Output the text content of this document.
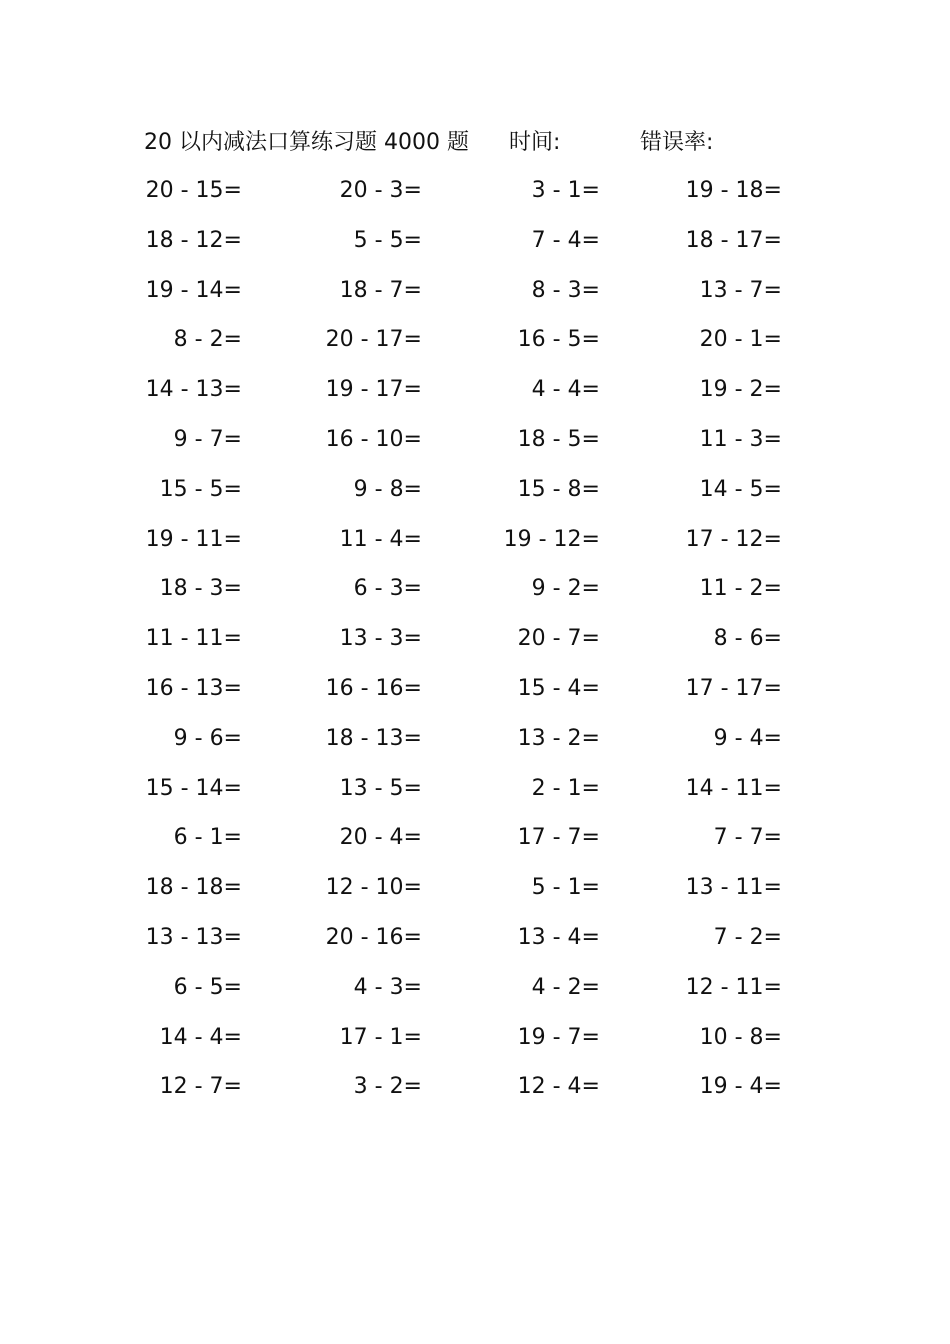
20 以内减法口算练习题 4000 题 时间:	错误率:
20 - 15=	20 - 3=	3 - 1=	19 - 18=
18 - 12=	5 - 5=	7 - 4=	18 - 17=
19 - 14=	18 - 7=	8 - 3=	13 - 7=
8 - 2=	20 - 17=	16 - 5=	20 - 1=
14 - 13=	19 - 17=	4 - 4=	19 - 2=
9 - 7=	16 - 10=	18 - 5=	11 - 3=
15 - 5=	9 - 8=	15 - 8=	14 - 5=
19 - 11=	11 - 4=	19 - 12=	17 - 12=
18 - 3=	6 - 3=	9 - 2=	11 - 2=
11 - 11=	13 - 3=	20 - 7=	8 - 6=
16 - 13=	16 - 16=	15 - 4=	17 - 17=
9 - 6=	18 - 13=	13 - 2=	9 - 4=
15 - 14=	13 - 5=	2 - 1=	14 - 11=
6 - 1=	20 - 4=	17 - 7=	7 - 7=
18 - 18=	12 - 10=	5 - 1=	13 - 11=
13 - 13=	20 - 16=	13 - 4=	7 - 2=
6 - 5=	4 - 3=	4 - 2=	12 - 11=
14 - 4=	17 - 1=	19 - 7=	10 - 8=
12 - 7=	3 - 2=	12 - 4=	19 - 4=
